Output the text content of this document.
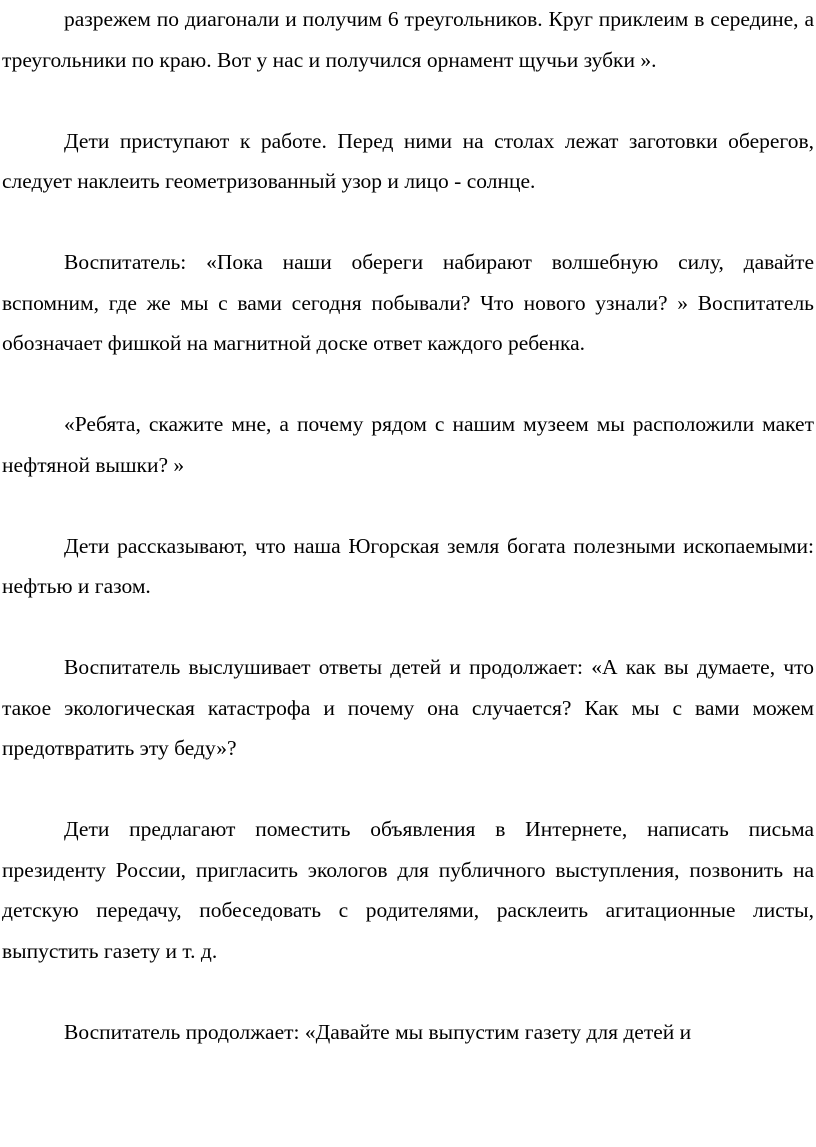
разрежем по диагонали и получим 6 треугольников. Круг приклеим в середине, а треугольники по краю. Вот у нас и получился орнамент щучьи зубки ».

Дети приступают к работе. Перед ними на столах лежат заготовки оберегов, следует наклеить геометризованный узор и лицо - солнце.

Воспитатель: «Пока наши обереги набирают волшебную силу, давайте вспомним, где же мы с вами сегодня побывали? Что нового узнали? » Воспитатель обозначает фишкой на магнитной доске ответ каждого ребенка.

«Ребята, скажите мне, а почему рядом с нашим музеем мы расположили макет нефтяной вышки? »

Дети рассказывают, что наша Югорская земля богата полезными ископаемыми: нефтью и газом.

Воспитатель выслушивает ответы детей и продолжает: «А как вы думаете, что такое экологическая катастрофа и почему она случается? Как мы с вами можем предотвратить эту беду»?

Дети предлагают поместить объявления в Интернете, написать письма президенту России, пригласить экологов для публичного выступления, позвонить на детскую передачу, побеседовать с родителями, расклеить агитационные листы, выпустить газету и т. д.

Воспитатель продолжает: «Давайте мы выпустим газету для детей и
